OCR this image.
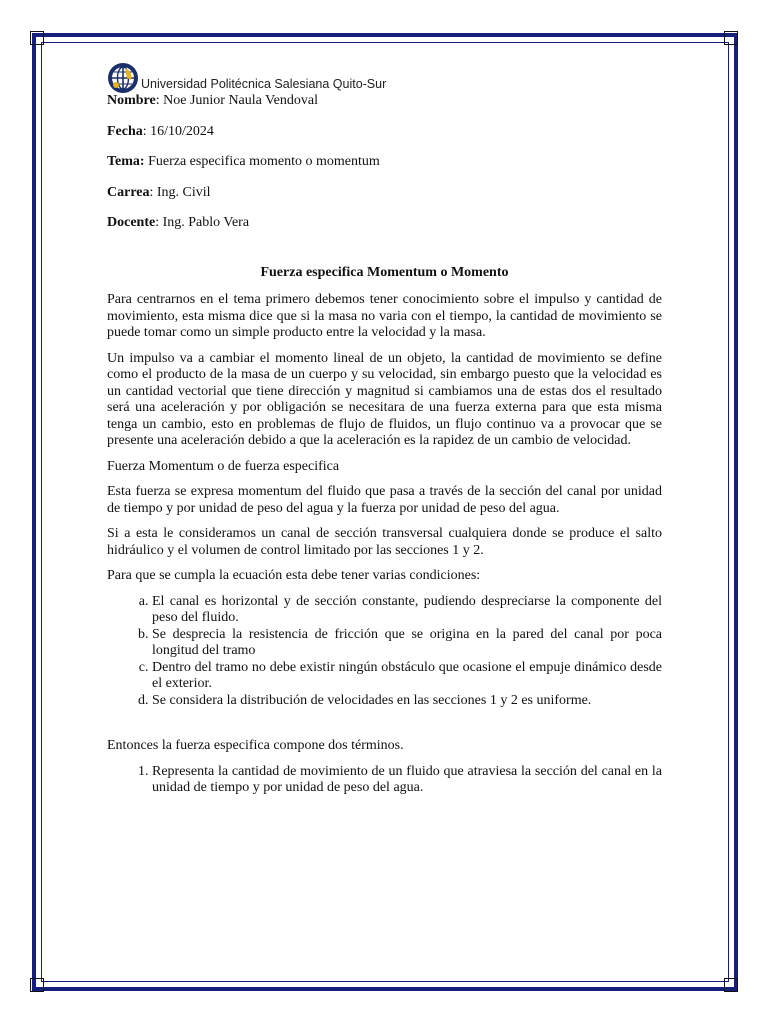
Universidad Politécnica Salesiana Quito-Sur

Nombre: Noe Junior Naula Vendoval

Fecha: 16/10/2024

Tema: Fuerza especifica momento o momentum

Carrea: Ing. Civil

Docente: Ing. Pablo Vera

Fuerza especifica Momentum o Momento

Para centrarnos en el tema primero debemos tener conocimiento sobre el impulso y cantidad de movimiento, esta misma dice que si la masa no varia con el tiempo, la cantidad de movimiento se puede tomar como un simple producto entre la velocidad y la masa.

Un impulso va a cambiar el momento lineal de un objeto, la cantidad de movimiento se define como el producto de la masa de un cuerpo y su velocidad, sin embargo puesto que la velocidad es un cantidad vectorial que tiene dirección y magnitud si cambiamos una de estas dos el resultado será una aceleración y por obligación se necesitara de una fuerza externa para que esta misma tenga un cambio, esto en problemas de flujo de fluidos, un flujo continuo va a provocar que se presente una aceleración debido a que la aceleración es la rapidez de un cambio de velocidad.

Fuerza Momentum o de fuerza especifica

Esta fuerza se expresa momentum del fluido que pasa a través de la sección del canal por unidad de tiempo y por unidad de peso del agua y la fuerza por unidad de peso del agua.

Si a esta le consideramos un canal de sección transversal cualquiera donde se produce el salto hidráulico y el volumen de control limitado por las secciones 1 y 2.

Para que se cumpla la ecuación esta debe tener varias condiciones:

a. El canal es horizontal y de sección constante, pudiendo despreciarse la componente del peso del fluido.
b. Se desprecia la resistencia de fricción que se origina en la pared del canal por poca longitud del tramo
c. Dentro del tramo no debe existir ningún obstáculo que ocasione el empuje dinámico desde el exterior.
d. Se considera la distribución de velocidades en las secciones 1 y 2 es uniforme.

Entonces la fuerza especifica compone dos términos.

1. Representa la cantidad de movimiento de un fluido que atraviesa la sección del canal en la unidad de tiempo y por unidad de peso del agua.
